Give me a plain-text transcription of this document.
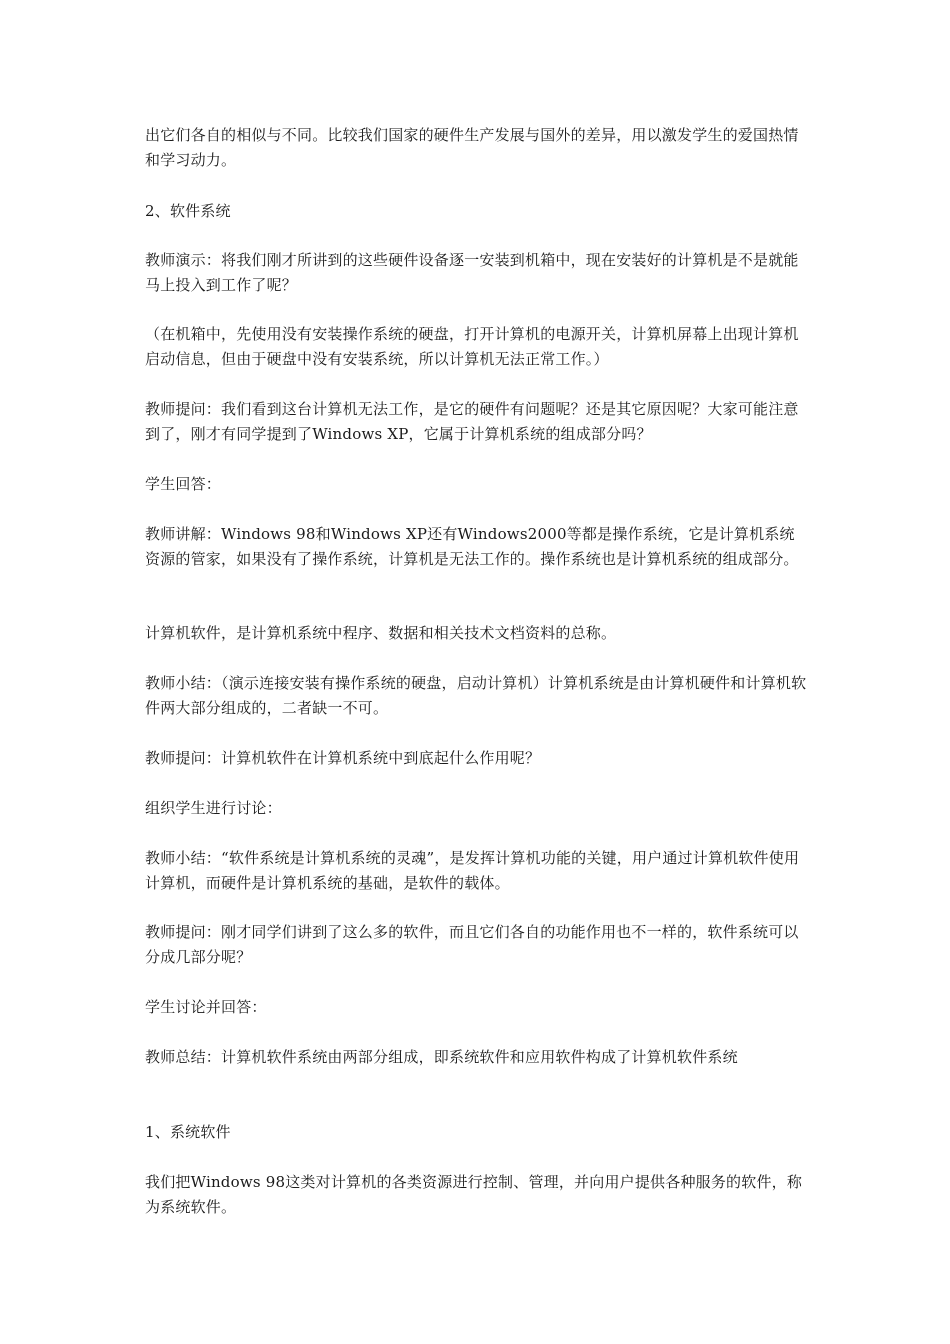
出它们各自的相似与不同。比较我们国家的硬件生产发展与国外的差异，用以激发学生的爱国热情和学习动力。

2、软件系统

教师演示：将我们刚才所讲到的这些硬件设备逐一安装到机箱中，现在安装好的计算机是不是就能马上投入到工作了呢？

（在机箱中，先使用没有安装操作系统的硬盘，打开计算机的电源开关，计算机屏幕上出现计算机启动信息，但由于硬盘中没有安装系统，所以计算机无法正常工作。）

教师提问：我们看到这台计算机无法工作，是它的硬件有问题呢？还是其它原因呢？大家可能注意到了，刚才有同学提到了Windows XP，它属于计算机系统的组成部分吗？

学生回答：

教师讲解：Windows 98和Windows XP还有Windows2000等都是操作系统，它是计算机系统资源的管家，如果没有了操作系统，计算机是无法工作的。操作系统也是计算机系统的组成部分。

计算机软件，是计算机系统中程序、数据和相关技术文档资料的总称。

教师小结：（演示连接安装有操作系统的硬盘，启动计算机）计算机系统是由计算机硬件和计算机软件两大部分组成的，二者缺一不可。

教师提问：计算机软件在计算机系统中到底起什么作用呢？

组织学生进行讨论：

教师小结：“软件系统是计算机系统的灵魂”，是发挥计算机功能的关键，用户通过计算机软件使用计算机，而硬件是计算机系统的基础，是软件的载体。

教师提问：刚才同学们讲到了这么多的软件，而且它们各自的功能作用也不一样的，软件系统可以分成几部分呢？

学生讨论并回答：

教师总结：计算机软件系统由两部分组成，即系统软件和应用软件构成了计算机软件系统

1、系统软件

我们把Windows 98这类对计算机的各类资源进行控制、管理，并向用户提供各种服务的软件，称为系统软件。
